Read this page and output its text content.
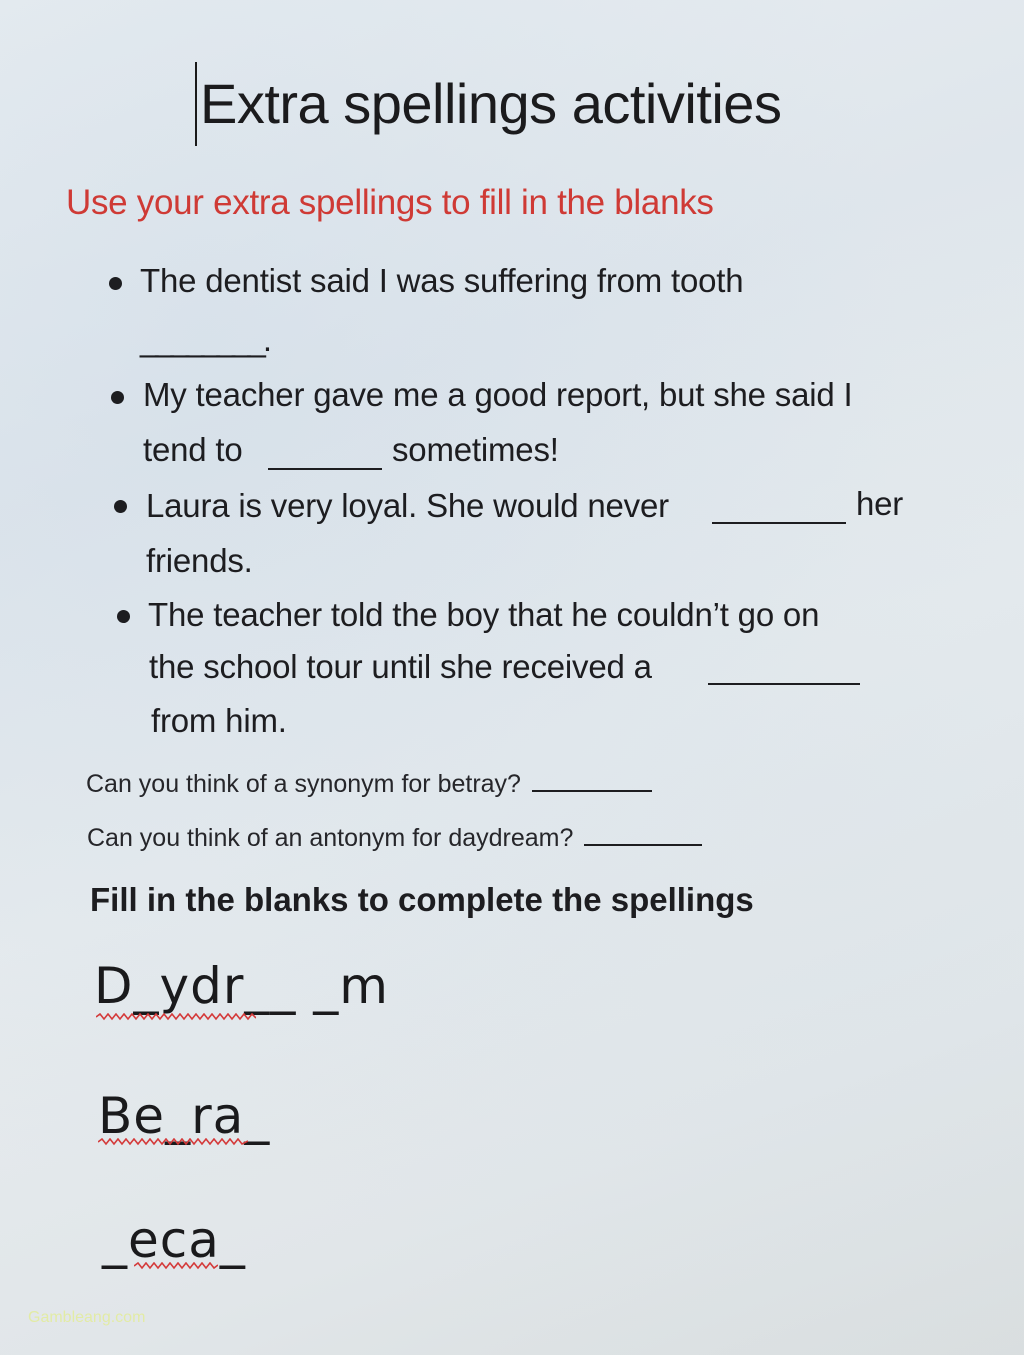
Extra spellings activities
Use your extra spellings to fill in the blanks
The dentist said I was suffering from tooth
________.
My teacher gave me a good report, but she said I
tend to	sometimes!
Laura is very loyal. She would never	her
friends.
The teacher told the boy that he couldn’t go on
the school tour until she received a
from him.
Can you think of a synonym for betray?
Can you think of an antonym for daydream?
Fill in the blanks to complete the spellings
D_ydr__ _m
Be_ra_
_eca_
Gambleang.com
